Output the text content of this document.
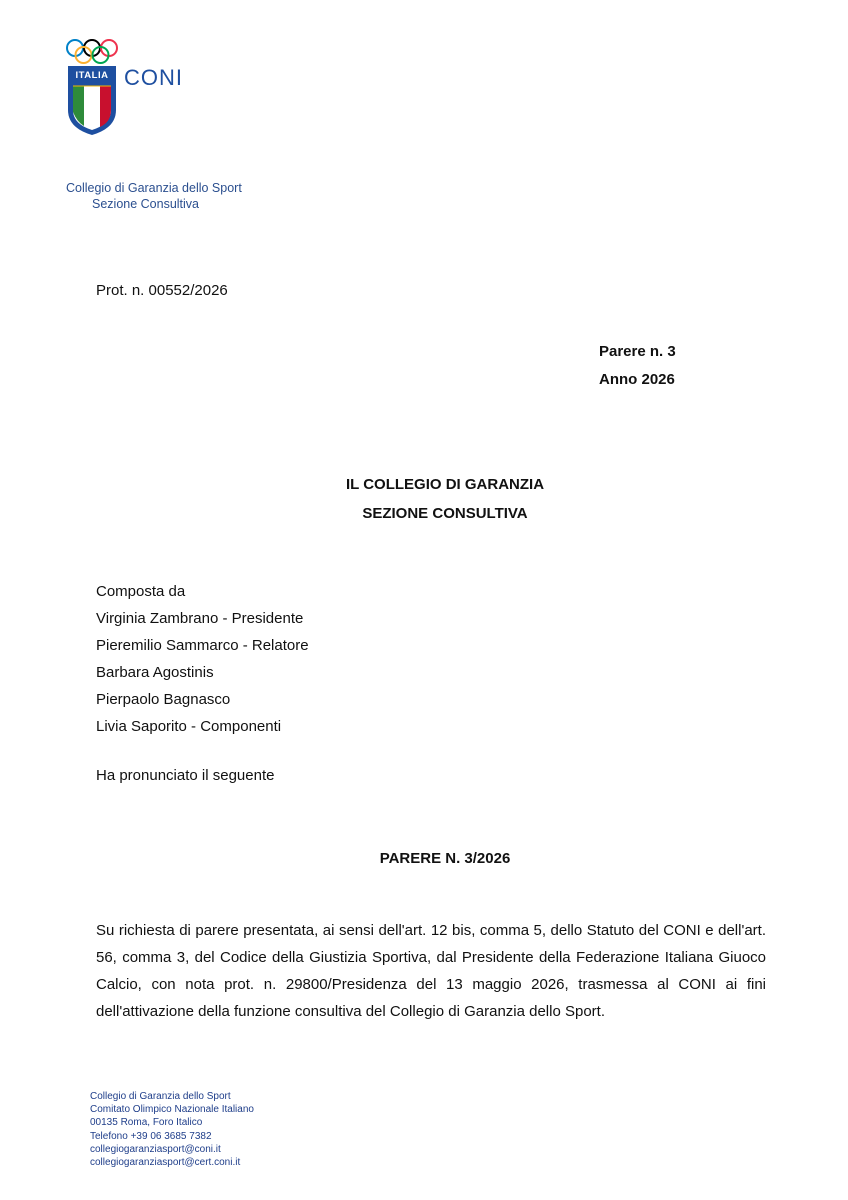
ITALIA CONI
Collegio di Garanzia dello Sport
Sezione Consultiva
Prot. n. 00552/2026
Parere n. 3
Anno 2026
IL COLLEGIO DI GARANZIA
SEZIONE CONSULTIVA
Composta da
Virginia Zambrano - Presidente
Pieremilio Sammarco - Relatore
Barbara Agostinis
Pierpaolo Bagnasco
Livia Saporito - Componenti
Ha pronunciato il seguente
PARERE N. 3/2026
Su richiesta di parere presentata, ai sensi dell'art. 12 bis, comma 5, dello Statuto del CONI e dell'art. 56, comma 3, del Codice della Giustizia Sportiva, dal Presidente della Federazione Italiana Giuoco Calcio, con nota prot. n. 29800/Presidenza del 13 maggio 2026, trasmessa al CONI ai fini dell'attivazione della funzione consultiva del Collegio di Garanzia dello Sport.
Collegio di Garanzia dello Sport
Comitato Olimpico Nazionale Italiano
00135 Roma, Foro Italico
Telefono +39 06 3685 7382
collegiogaranziasport@coni.it
collegiogaranziasport@cert.coni.it
